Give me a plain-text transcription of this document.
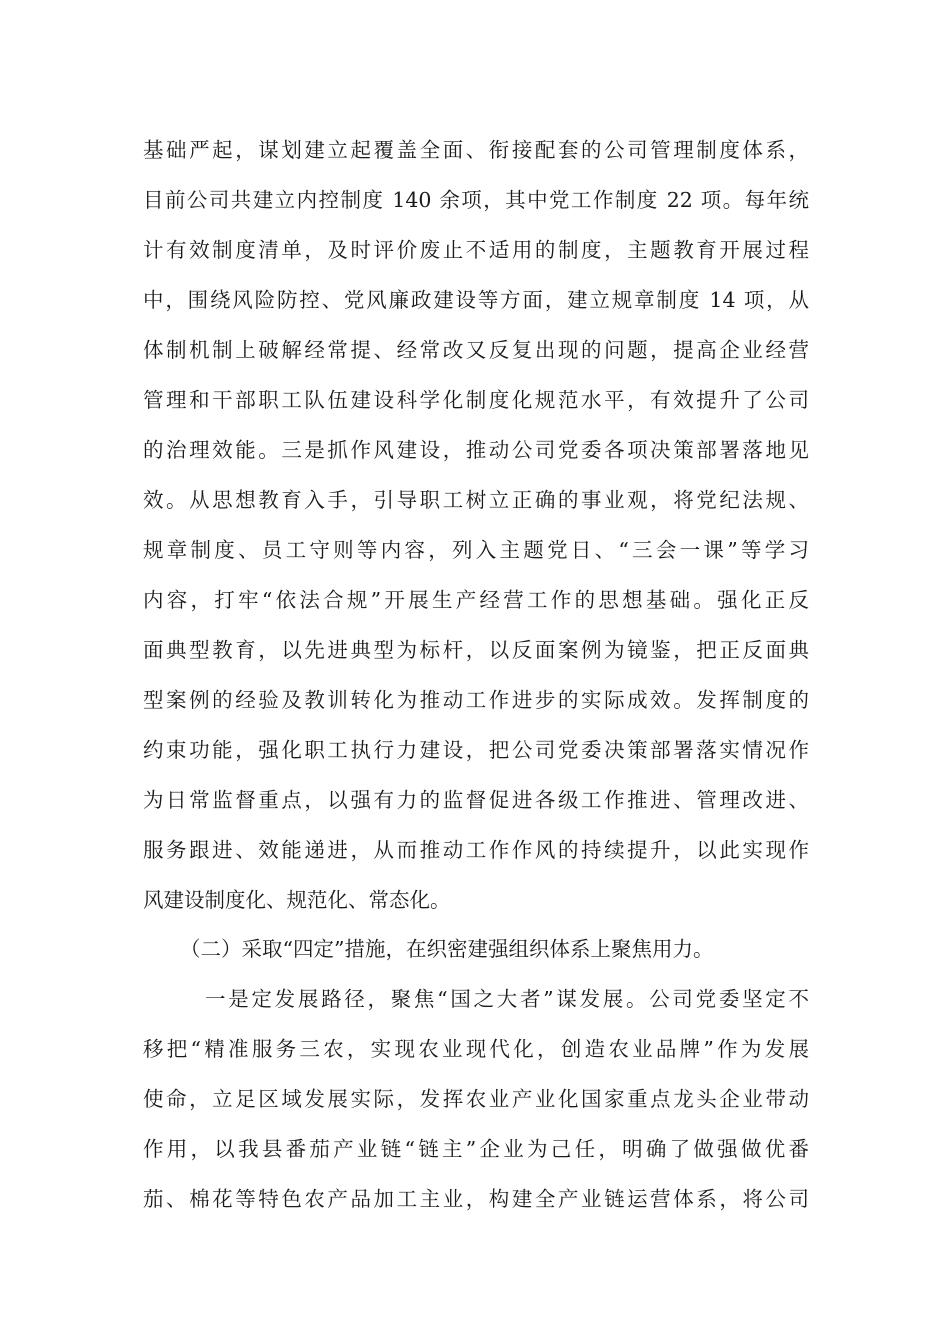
基础严起，谋划建立起覆盖全面、衔接配套的公司管理制度体系，
目前公司共建立内控制度 140 余项，其中党工作制度 22 项。每年统
计有效制度清单，及时评价废止不适用的制度，主题教育开展过程
中，围绕风险防控、党风廉政建设等方面，建立规章制度 14 项，从
体制机制上破解经常提、经常改又反复出现的问题，提高企业经营
管理和干部职工队伍建设科学化制度化规范水平，有效提升了公司
的治理效能。三是抓作风建设，推动公司党委各项决策部署落地见
效。从思想教育入手，引导职工树立正确的事业观，将党纪法规、
规章制度、员工守则等内容，列入主题党日、“三会一课”等学习
内容，打牢“依法合规”开展生产经营工作的思想基础。强化正反
面典型教育，以先进典型为标杆，以反面案例为镜鉴，把正反面典
型案例的经验及教训转化为推动工作进步的实际成效。发挥制度的
约束功能，强化职工执行力建设，把公司党委决策部署落实情况作
为日常监督重点，以强有力的监督促进各级工作推进、管理改进、
服务跟进、效能递进，从而推动工作作风的持续提升，以此实现作
风建设制度化、规范化、常态化。
（二）采取“四定”措施，在织密建强组织体系上聚焦用力。
一是定发展路径，聚焦“国之大者”谋发展。公司党委坚定不
移把“精准服务三农，实现农业现代化，创造农业品牌”作为发展
使命，立足区域发展实际，发挥农业产业化国家重点龙头企业带动
作用，以我县番茄产业链“链主”企业为己任，明确了做强做优番
茄、棉花等特色农产品加工主业，构建全产业链运营体系，将公司
